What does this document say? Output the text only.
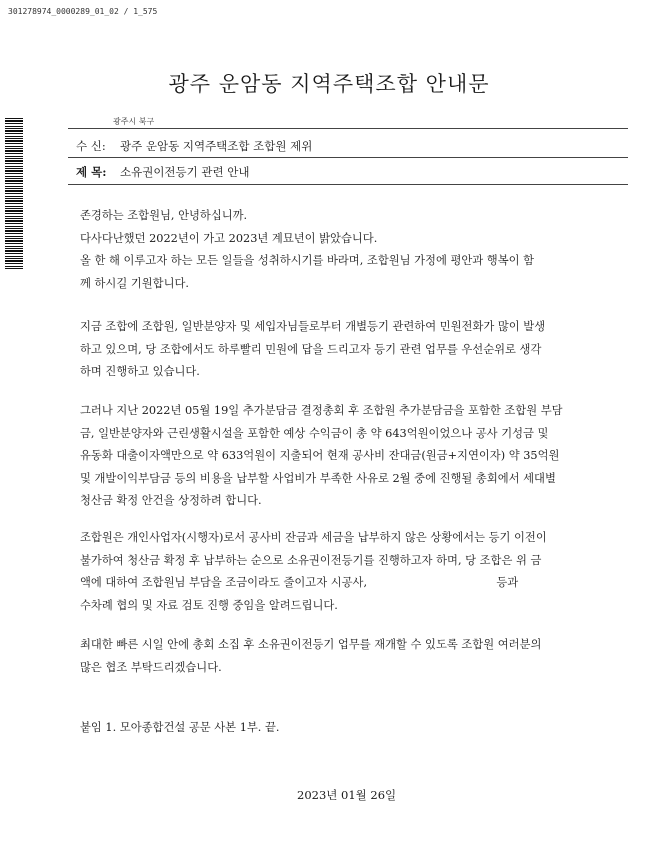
301278974_0000289_01_02 / 1_575
광주 운암동 지역주택조합 안내문
광주시 북구
수 신: 광주 운암동 지역주택조합 조합원 제위
제 목: 소유권이전등기 관련 안내
존경하는 조합원님, 안녕하십니까.
다사다난했던 2022년이 가고 2023년 계묘년이 밝았습니다.
올 한 해 이루고자 하는 모든 일들을 성취하시기를 바라며, 조합원님 가정에 평안과 행복이 함
께 하시길 기원합니다.
지금 조합에 조합원, 일반분양자 및 세입자님들로부터 개별등기 관련하여 민원전화가 많이 발생
하고 있으며, 당 조합에서도 하루빨리 민원에 답을 드리고자 등기 관련 업무를 우선순위로 생각
하며 진행하고 있습니다.
그러나 지난 2022년 05월 19일 추가분담금 결정총회 후 조합원 추가분담금을 포함한 조합원 부담
금, 일반분양자와 근린생활시설을 포함한 예상 수익금이 총 약 643억원이었으나 공사 기성금 및
유동화 대출이자액만으로 약 633억원이 지출되어 현재 공사비 잔대금(원금+지연이자) 약 35억원
및 개발이익부담금 등의 비용을 납부할 사업비가 부족한 사유로 2월 중에 진행될 총회에서 세대별
청산금 확정 안건을 상정하려 합니다.
조합원은 개인사업자(시행자)로서 공사비 잔금과 세금을 납부하지 않은 상황에서는 등기 이전이
불가하여 청산금 확정 후 납부하는 순으로 소유권이전등기를 진행하고자 하며, 당 조합은 위 금
액에 대하여 조합원님 부담을 조금이라도 줄이고자 시공사,                                    등과
수차례 협의 및 자료 검토 진행 중임을 알려드립니다.
최대한 빠른 시일 안에 총회 소집 후 소유권이전등기 업무를 재개할 수 있도록 조합원 여러분의
많은 협조 부탁드리겠습니다.
붙임 1. 모아종합건설 공문 사본 1부. 끝.
2023년 01월 26일
